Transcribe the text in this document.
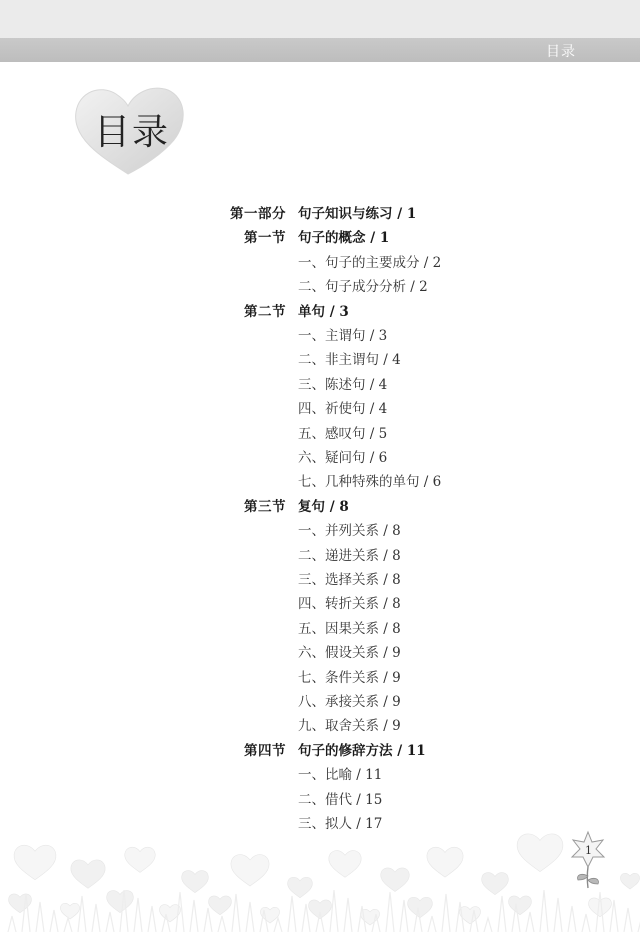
目录
目录
第一部分 句子知识与练习 / 1
第一节 句子的概念 / 1
一、句子的主要成分 / 2
二、句子成分分析 / 2
第二节 单句 / 3
一、主谓句 / 3
二、非主谓句 / 4
三、陈述句 / 4
四、祈使句 / 4
五、感叹句 / 5
六、疑问句 / 6
七、几种特殊的单句 / 6
第三节 复句 / 8
一、并列关系 / 8
二、递进关系 / 8
三、选择关系 / 8
四、转折关系 / 8
五、因果关系 / 8
六、假设关系 / 9
七、条件关系 / 9
八、承接关系 / 9
九、取舍关系 / 9
第四节 句子的修辞方法 / 11
一、比喻 / 11
二、借代 / 15
三、拟人 / 17
1
